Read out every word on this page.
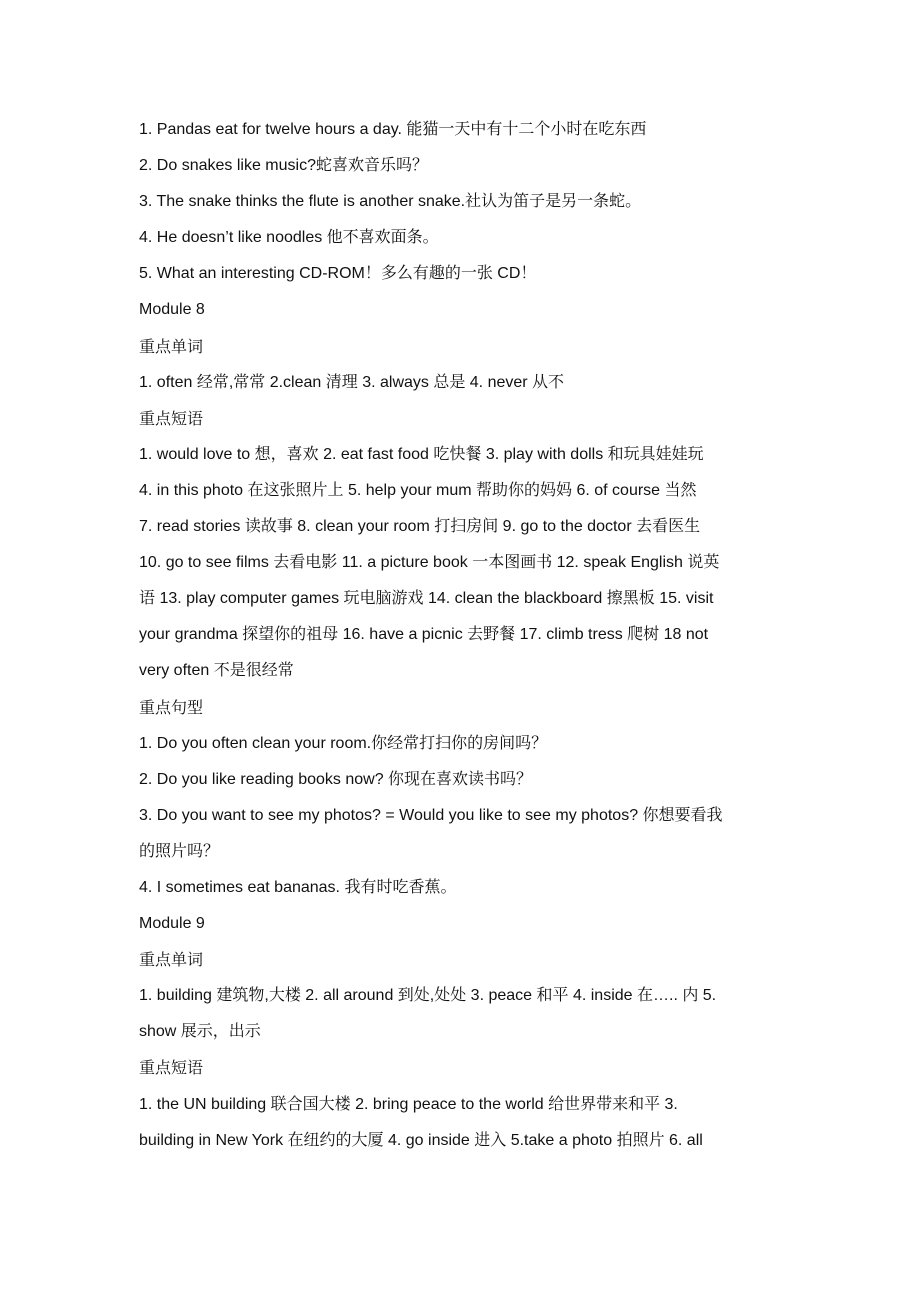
1. Pandas eat for twelve hours a day. 能猫一天中有十二个小时在吃东西
2. Do snakes like music?蛇喜欢音乐吗？
3. The snake thinks the flute is another snake.社认为笛子是另一条蛇。
4. He doesn’t like noodles 他不喜欢面条。
5. What an interesting CD-ROM！多么有趣的一张 CD！
Module 8
重点单词
1. often 经常,常常 2.clean 清理 3. always 总是 4. never 从不
重点短语
1. would love to 想，喜欢 2. eat fast food 吃快餐 3. play with dolls 和玩具娃娃玩
4. in this photo 在这张照片上 5. help your mum 帮助你的妈妈 6. of course 当然
7. read stories 读故事 8. clean your room 打扫房间 9. go to the doctor 去看医生
10. go to see films 去看电影 11. a picture book 一本图画书 12. speak English 说英
语 13. play computer games 玩电脑游戏 14. clean the blackboard 擦黑板 15. visit
your grandma 探望你的祖母 16. have a picnic 去野餐 17. climb tress 爬树 18 not
very often 不是很经常
重点句型
1. Do you often clean your room.你经常打扫你的房间吗？
2. Do you like reading books now? 你现在喜欢读书吗？
3. Do you want to see my photos? = Would you like to see my photos? 你想要看我
的照片吗？
4. I sometimes eat bananas. 我有时吃香蕉。
Module 9
重点单词
1. building 建筑物,大楼 2. all around 到处,处处 3. peace 和平 4. inside 在….. 内 5.
show 展示，出示
重点短语
1. the UN building 联合国大楼 2. bring peace to the world 给世界带来和平 3.
building in New York 在纽约的大厦 4. go inside 进入 5.take a photo 拍照片 6. all
